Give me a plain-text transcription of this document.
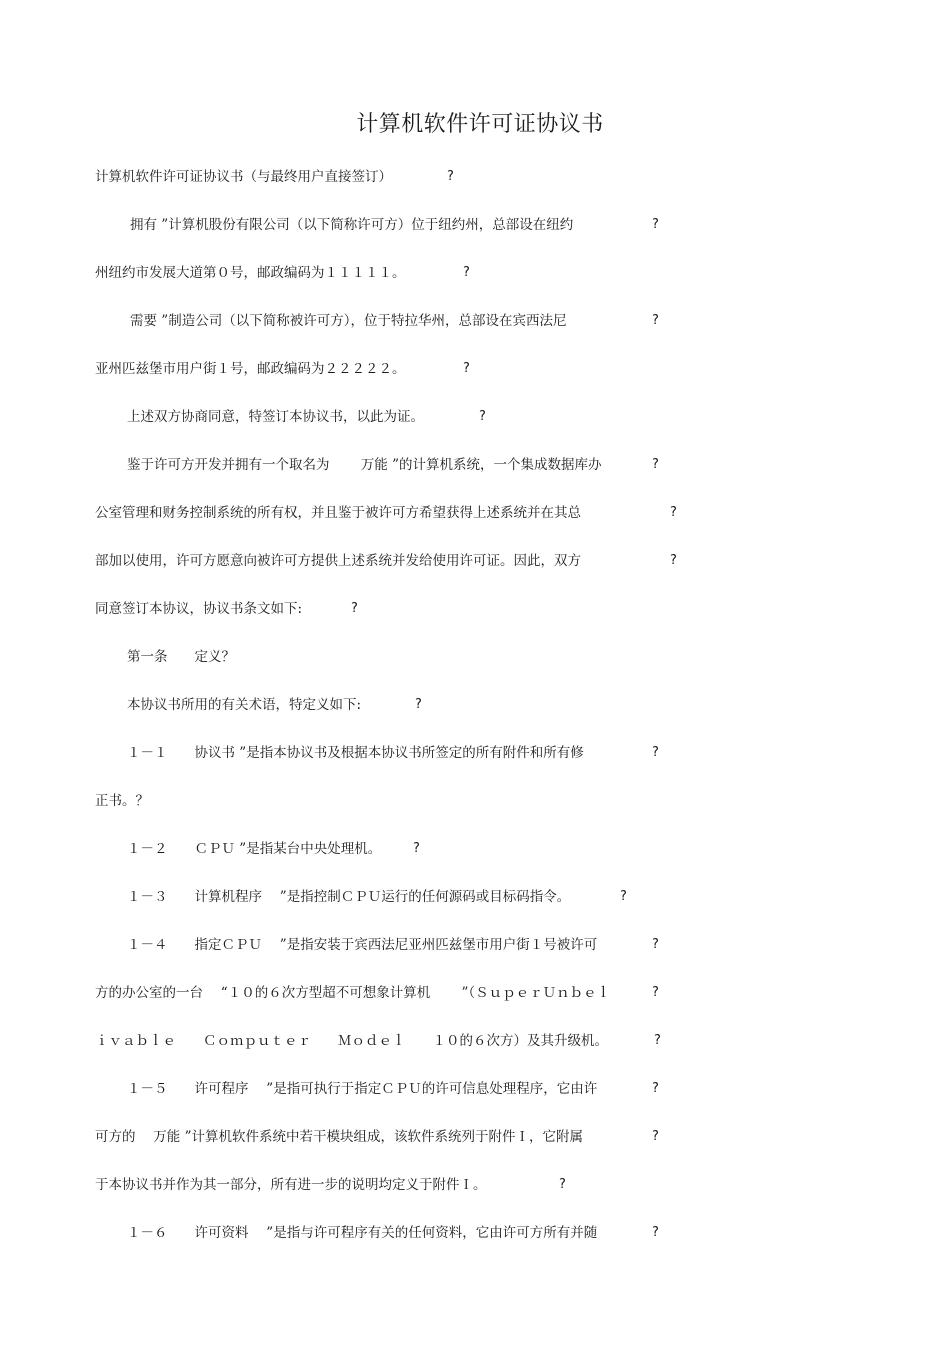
计算机软件许可证协议书
计算机软件许可证协议书（与最终用户直接签订）	?
拥有 ”计算机股份有限公司（以下简称许可方）位于纽约州，总部设在纽约	?
州纽约市发展大道第０号，邮政编码为１１１１１。	?
需要 ”制造公司（以下简称被许可方），位于特拉华州，总部设在宾西法尼	?
亚州匹兹堡市用户街１号，邮政编码为２２２２２。	?
上述双方协商同意，特签订本协议书，以此为证。	?
鉴于许可方开发并拥有一个取名为 　　万能 ”的计算机系统，一个集成数据库办	?
公室管理和财务控制系统的所有权，并且鉴于被许可方希望获得上述系统并在其总	?
部加以使用，许可方愿意向被许可方提供上述系统并发给使用许可证。因此，双方	?
同意签订本协议，协议书条文如下:	?
第一条　　定义？
本协议书所用的有关术语，特定义如下:	?
１－１　　协议书 ”是指本协议书及根据本协议书所签定的所有附件和所有修	?
正书。？
１－２　　ＣＰＵ ”是指某台中央处理机。 ?
１－３　　计算机程序 　”是指控制ＣＰＵ运行的任何源码或目标码指令。	?
１－４　　指定ＣＰＵ 　”是指安装于宾西法尼亚州匹兹堡市用户街１号被许可	?
方的办公室的一台 　“１０的６次方型超不可想象计算机 　　”（ＳｕｐｅｒＵｎｂｅｌ	?
ｉｖａｂｌｅ　　Ｃｏｍｐｕｔｅｒ　　Ｍｏｄｅｌ　　１０的６次方）及其升级机。	?
１－５　　许可程序 　”是指可执行于指定ＣＰＵ的许可信息处理程序，它由许	?
可方的 　万能 ”计算机软件系统中若干模块组成，该软件系统列于附件Ｉ，它附属	?
于本协议书并作为其一部分，所有进一步的说明均定义于附件Ｉ。	?
１－６　　许可资料 　”是指与许可程序有关的任何资料，它由许可方所有并随	?
